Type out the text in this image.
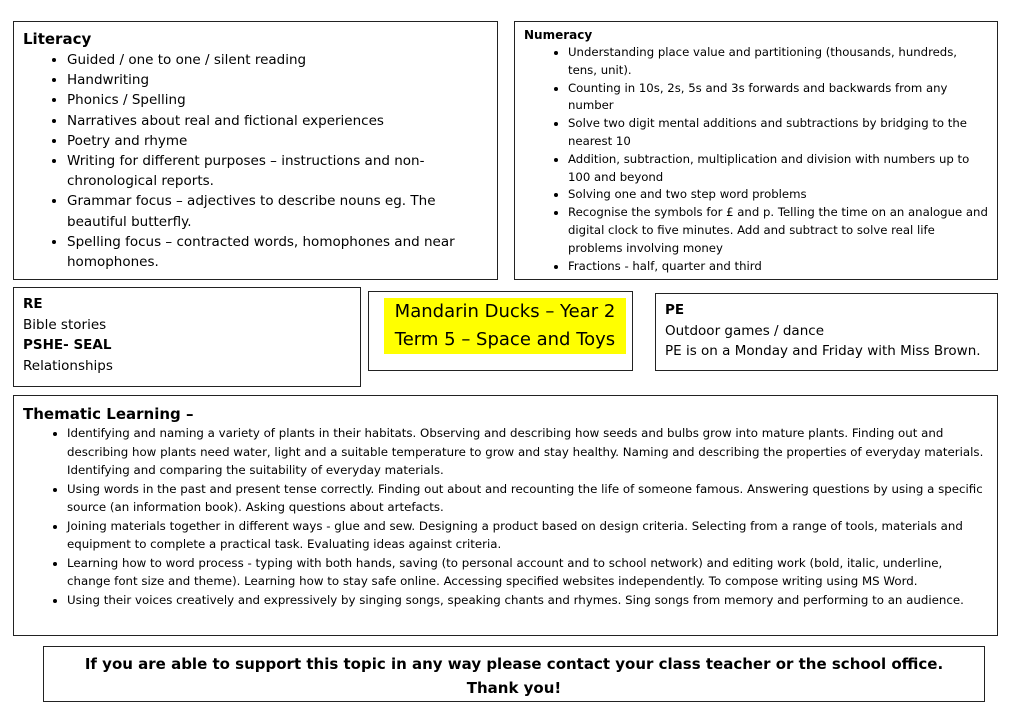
Literacy
• Guided / one to one / silent reading
• Handwriting
• Phonics / Spelling
• Narratives about real and fictional experiences
• Poetry and rhyme
• Writing for different purposes – instructions and non-chronological reports.
• Grammar focus – adjectives to describe nouns eg. The beautiful butterfly.
• Spelling focus – contracted words, homophones and near homophones.
Numeracy
• Understanding place value and partitioning (thousands, hundreds, tens, unit).
• Counting in 10s, 2s, 5s and 3s forwards and backwards from any number
• Solve two digit mental additions and subtractions by bridging to the nearest 10
• Addition, subtraction, multiplication and division with numbers up to 100 and beyond
• Solving one and two step word problems
• Recognise the symbols for £ and p. Telling the time on an analogue and digital clock to five minutes. Add and subtract to solve real life problems involving money
• Fractions - half, quarter and third

RE

Bible stories

PSHE- SEAL

Relationships

Mandarin Ducks – Year 2

Term 5 – Space and Toys

PE

Outdoor games / dance

PE is on a Monday and Friday with Miss Brown.

Thematic Learning –
• Identifying and naming a variety of plants in their habitats. Observing and describing how seeds and bulbs grow into mature plants. Finding out and describing how plants need water, light and a suitable temperature to grow and stay healthy. Naming and describing the properties of everyday materials. Identifying and comparing the suitability of everyday materials.
• Using words in the past and present tense correctly. Finding out about and recounting the life of someone famous. Answering questions by using a specific source (an information book). Asking questions about artefacts.
• Joining materials together in different ways - glue and sew. Designing a product based on design criteria. Selecting from a range of tools, materials and equipment to complete a practical task. Evaluating ideas against criteria.
• Learning how to word process - typing with both hands, saving (to personal account and to school network) and editing work (bold, italic, underline, change font size and theme). Learning how to stay safe online. Accessing specified websites independently. To compose writing using MS Word.
• Using their voices creatively and expressively by singing songs, speaking chants and rhymes. Sing songs from memory and performing to an audience.

If you are able to support this topic in any way please contact your class teacher or the school office.

Thank you!
